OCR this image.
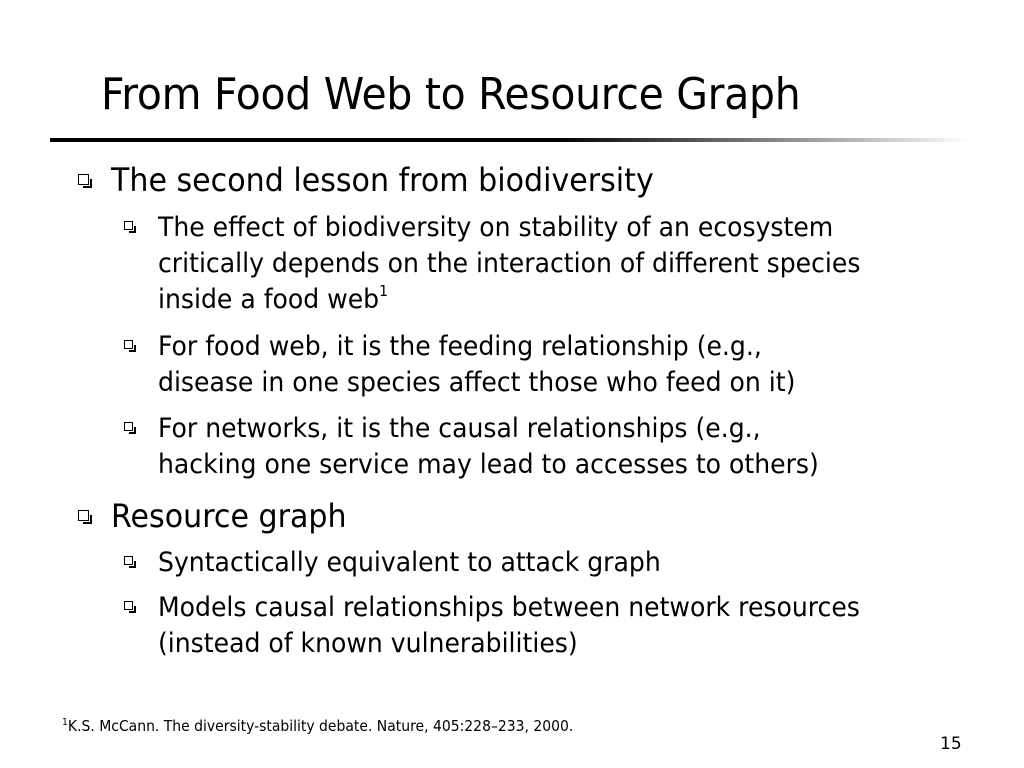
From Food Web to Resource Graph
The second lesson from biodiversity
The effect of biodiversity on stability of an ecosystem
critically depends on the interaction of different species
inside a food web$^1$
For food web, it is the feeding relationship (e.g.,
disease in one species affect those who feed on it)
For networks, it is the causal relationships (e.g.,
hacking one service may lead to accesses to others)
Resource graph
Syntactically equivalent to attack graph
Models causal relationships between network resources
(instead of known vulnerabilities)
$^1$K.S. McCann. The diversity-stability debate. Nature, 405:228–233, 2000.
15
